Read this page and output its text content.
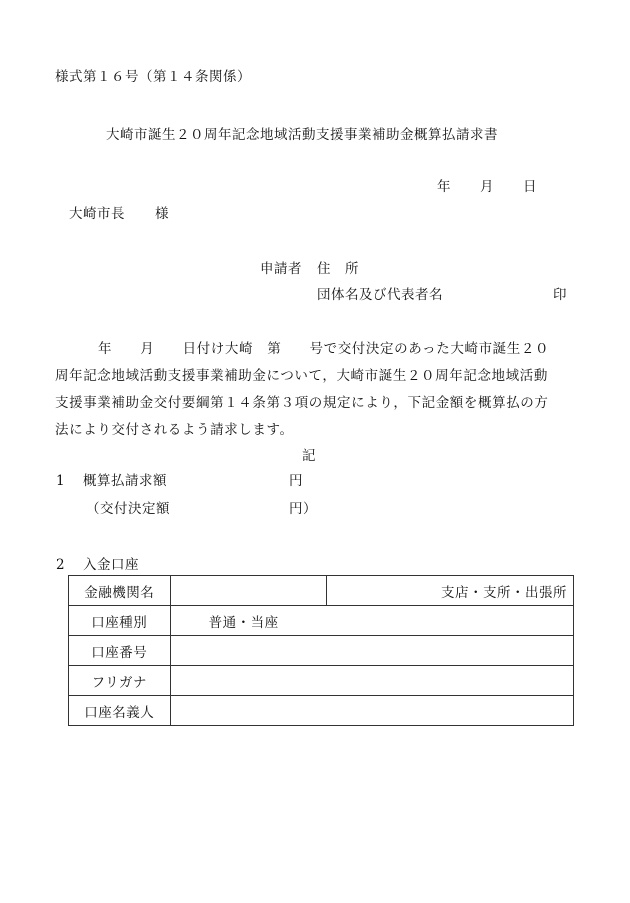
様式第１６号（第１４条関係）
大崎市誕生２０周年記念地域活動支援事業補助金概算払請求書
年 月 日
大崎市長 様
申請者 住　所
団体名及び代表者名	印
年　　月　　日付け大崎　第　　号で交付決定のあった大崎市誕生２０
周年記念地域活動支援事業補助金について，大崎市誕生２０周年記念地域活動
支援事業補助金交付要綱第１４条第３項の規定により，下記金額を概算払の方
法により交付されるよう請求します。
記
1 概算払請求額	円
（交付決定額	円）
2 入金口座
金融機関名		支店・支所・出張所
口座種別	普通・当座	
口座番号		
フリガナ		
口座名義人		
